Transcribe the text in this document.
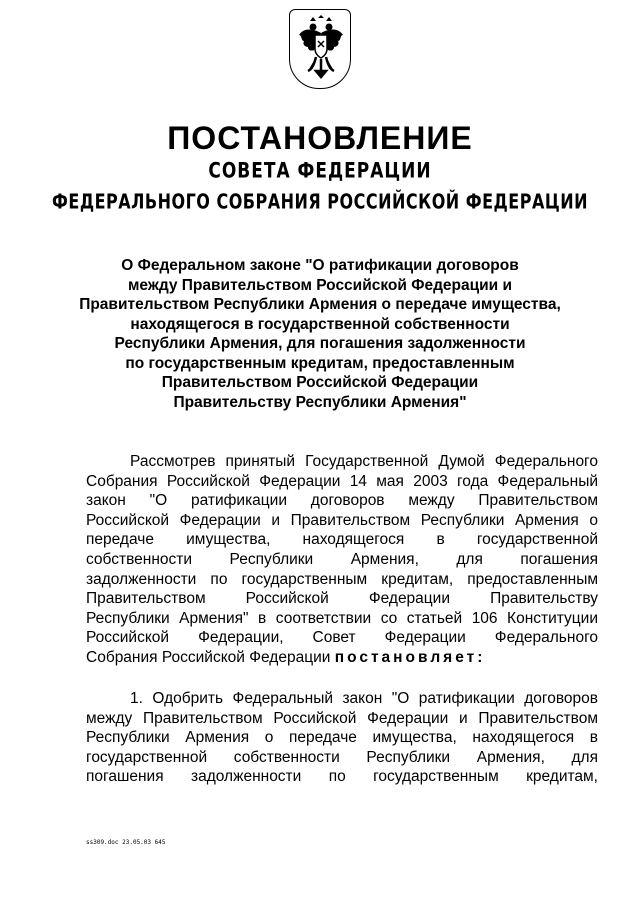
ПОСТАНОВЛЕНИЕ
СОВЕТА ФЕДЕРАЦИИ
ФЕДЕРАЛЬНОГО СОБРАНИЯ РОССИЙСКОЙ ФЕДЕРАЦИИ
О Федеральном законе "О ратификации договоров
между Правительством Российской Федерации и
Правительством Республики Армения о передаче имущества,
находящегося в государственной собственности
Республики Армения, для погашения задолженности
по государственным кредитам, предоставленным
Правительством Российской Федерации
Правительству Республики Армения"
Рассмотрев принятый Государственной Думой Федерального
Собрания Российской Федерации 14 мая 2003 года Федеральный
закон "О ратификации договоров между Правительством
Российской Федерации и Правительством Республики Армения о
передаче имущества, находящегося в государственной
собственности Республики Армения, для погашения
задолженности по государственным кредитам, предоставленным
Правительством Российской Федерации Правительству
Республики Армения" в соответствии со статьей 106 Конституции
Российской Федерации, Совет Федерации Федерального
Собрания Российской Федерации постановляет:
1. Одобрить Федеральный закон "О ратификации договоров
между Правительством Российской Федерации и Правительством
Республики Армения о передаче имущества, находящегося в
государственной собственности Республики Армения, для
погашения задолженности по государственным кредитам,
ss309.doc 23.05.03 645
